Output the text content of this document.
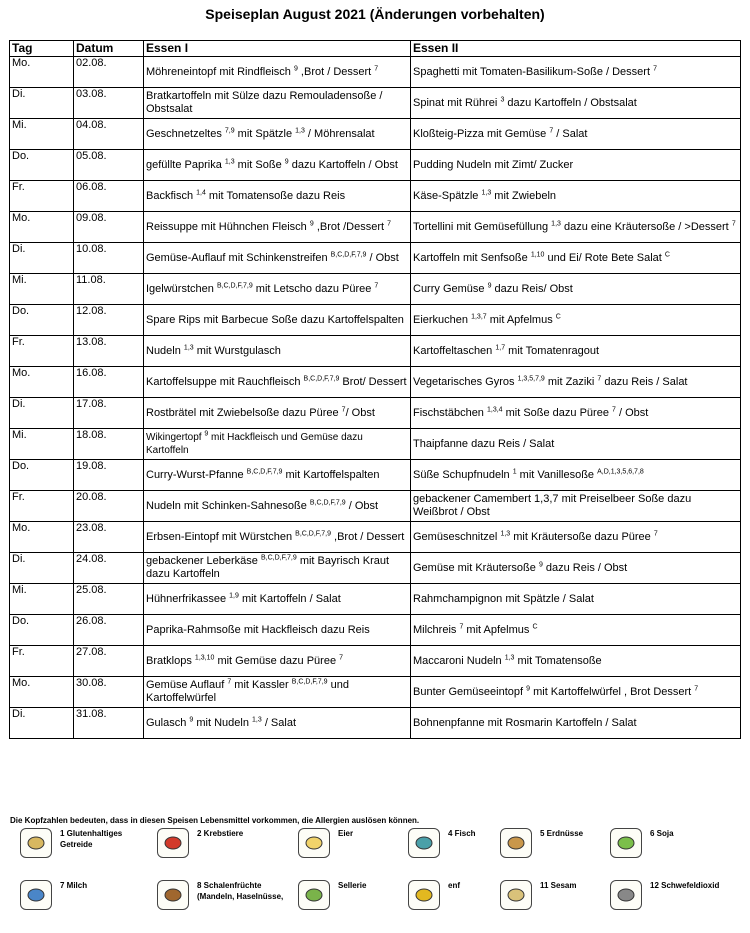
Speiseplan August 2021 (Änderungen vorbehalten)
Tag	Datum	Essen I	Essen II
Mo.	02.08.	Möhreneintopf mit Rindfleisch $^9$ ,Brot / Dessert $^7$	Spaghetti mit Tomaten-Basilikum-Soße / Dessert $^7$
Di.	03.08.	Bratkartoffeln mit Sülze dazu Remouladensoße / Obstsalat	Spinat mit Rührei $^3$ dazu Kartoffeln / Obstsalat
Mi.	04.08.	Geschnetzeltes $^{7,9}$ mit Spätzle $^{1,3}$ / Möhrensalat	Kloßteig-Pizza mit Gemüse $^7$ / Salat
Do.	05.08.	gefüllte Paprika $^{1,3}$ mit Soße $^9$ dazu Kartoffeln / Obst	Pudding Nudeln mit Zimt/ Zucker
Fr.	06.08.	Backfisch $^{1,4}$ mit Tomatensoße dazu Reis	Käse-Spätzle $^{1,3}$ mit Zwiebeln
Mo.	09.08.	Reissuppe mit Hühnchen Fleisch $^9$ ,Brot /Dessert $^7$	Tortellini mit Gemüsefüllung $^{1,3}$ dazu eine Kräutersoße / >Dessert $^7$
Di.	10.08.	Gemüse-Auflauf mit Schinkenstreifen $^{B,C,D,F,7,9}$ / Obst	Kartoffeln mit Senfsoße $^{1,10}$ und Ei/ Rote Bete Salat $^C$
Mi.	11.08.	Igelwürstchen $^{B,C,D,F,7,9}$ mit Letscho dazu Püree $^7$	Curry Gemüse $^9$ dazu Reis/ Obst
Do.	12.08.	Spare Rips mit Barbecue Soße dazu Kartoffelspalten	Eierkuchen $^{1,3,7}$ mit Apfelmus $^C$
Fr.	13.08.	Nudeln $^{1,3}$ mit Wurstgulasch	Kartoffeltaschen $^{1,7}$ mit Tomatenragout
Mo.	16.08.	Kartoffelsuppe mit Rauchfleisch $^{B,C,D,F,7,9}$ Brot/ Dessert	Vegetarisches Gyros $^{1,3,5,7,9}$ mit Zaziki $^7$ dazu Reis / Salat
Di.	17.08.	Rostbrätel mit Zwiebelsoße dazu Püree $^7$/ Obst	Fischstäbchen $^{1,3,4}$ mit Soße dazu Püree $^7$ / Obst
Mi.	18.08.	Wikingertopf $^9$ mit Hackfleisch und Gemüse dazu Kartoffeln	Thaipfanne dazu Reis / Salat
Do.	19.08.	Curry-Wurst-Pfanne $^{B,C,D,F,7,9}$ mit Kartoffelspalten	Süße Schupfnudeln $^1$ mit Vanillesoße $^{A,D,1,3,5,6,7,8}$
Fr.	20.08.	Nudeln mit Schinken-Sahnesoße $^{B,C,D,F,7,9}$ / Obst	gebackener Camembert 1,3,7 mit Preiselbeer Soße dazu Weißbrot / Obst
Mo.	23.08.	Erbsen-Eintopf mit Würstchen $^{B,C,D,F,7,9}$ ,Brot / Dessert	Gemüseschnitzel $^{1,3}$ mit Kräutersoße dazu Püree $^7$
Di.	24.08.	gebackener Leberkäse $^{B,C,D,F,7,9}$ mit Bayrisch Kraut dazu Kartoffeln	Gemüse mit Kräutersoße $^9$ dazu Reis / Obst
Mi.	25.08.	Hühnerfrikassee $^{1,9}$ mit Kartoffeln / Salat	Rahmchampignon mit Spätzle / Salat
Do.	26.08.	Paprika-Rahmsoße mit Hackfleisch dazu Reis	Milchreis $^7$ mit Apfelmus $^C$
Fr.	27.08.	Bratklops $^{1,3,10}$ mit Gemüse dazu Püree $^7$	Maccaroni Nudeln $^{1,3}$ mit Tomatensoße
Mo.	30.08.	Gemüse Auflauf $^7$ mit Kassler $^{B,C,D,F,7,9}$ und Kartoffelwürfel	Bunter Gemüseeintopf $^9$ mit Kartoffelwürfel , Brot Dessert $^7$
Di.	31.08.	Gulasch $^9$ mit Nudeln $^{1,3}$ / Salat	Bohnenpfanne mit Rosmarin Kartoffeln / Salat
Die Kopfzahlen bedeuten, dass in diesen Speisen Lebensmittel vorkommen, die Allergien auslösen können.
1 Glutenhaltiges Getreide
2 Krebstiere	Eier	4 Fisch	5 Erdnüsse	6 Soja
7 Milch	8 Schalenfrüchte (Mandeln, Haselnüsse,
Sellerie	enf	11 Sesam	12 Schwefeldioxid
